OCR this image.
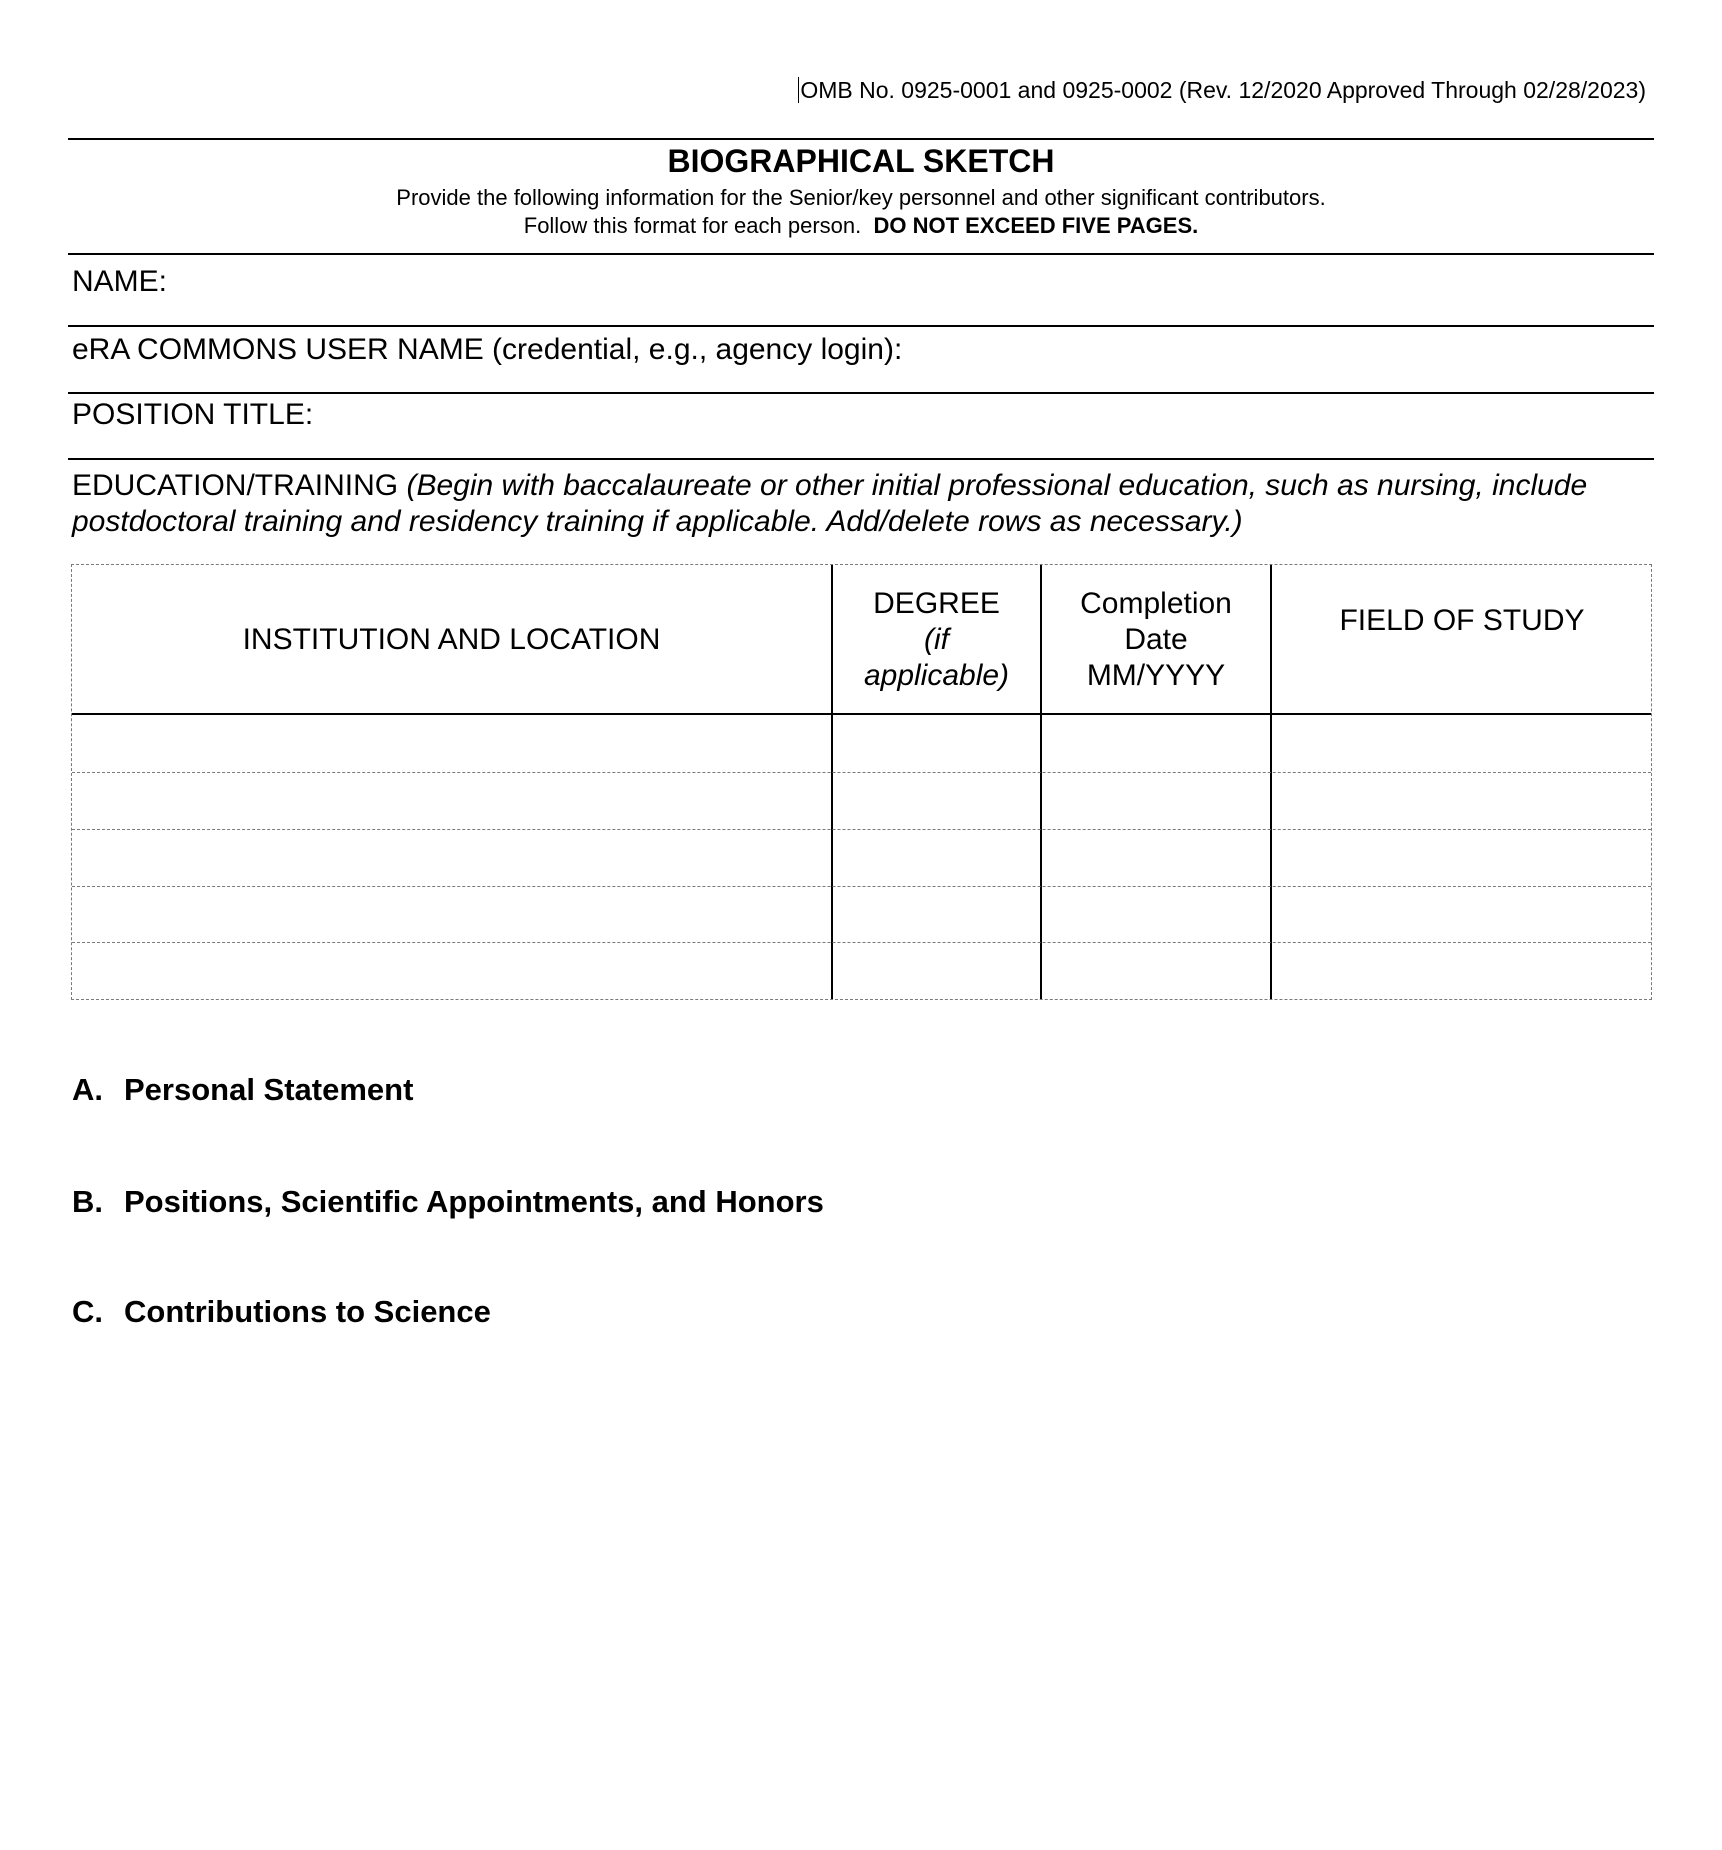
OMB No. 0925-0001 and 0925-0002 (Rev. 12/2020 Approved Through 02/28/2023)
BIOGRAPHICAL SKETCH
Provide the following information for the Senior/key personnel and other significant contributors.
Follow this format for each person. DO NOT EXCEED FIVE PAGES.
NAME:
eRA COMMONS USER NAME (credential, e.g., agency login):
POSITION TITLE:
EDUCATION/TRAINING (Begin with baccalaureate or other initial professional education, such as nursing, include postdoctoral training and residency training if applicable. Add/delete rows as necessary.)
INSTITUTION AND LOCATION
DEGREE
(if
applicable)
Completion
Date
MM/YYYY
FIELD OF STUDY
A. Personal Statement
B. Positions, Scientific Appointments, and Honors
C. Contributions to Science
